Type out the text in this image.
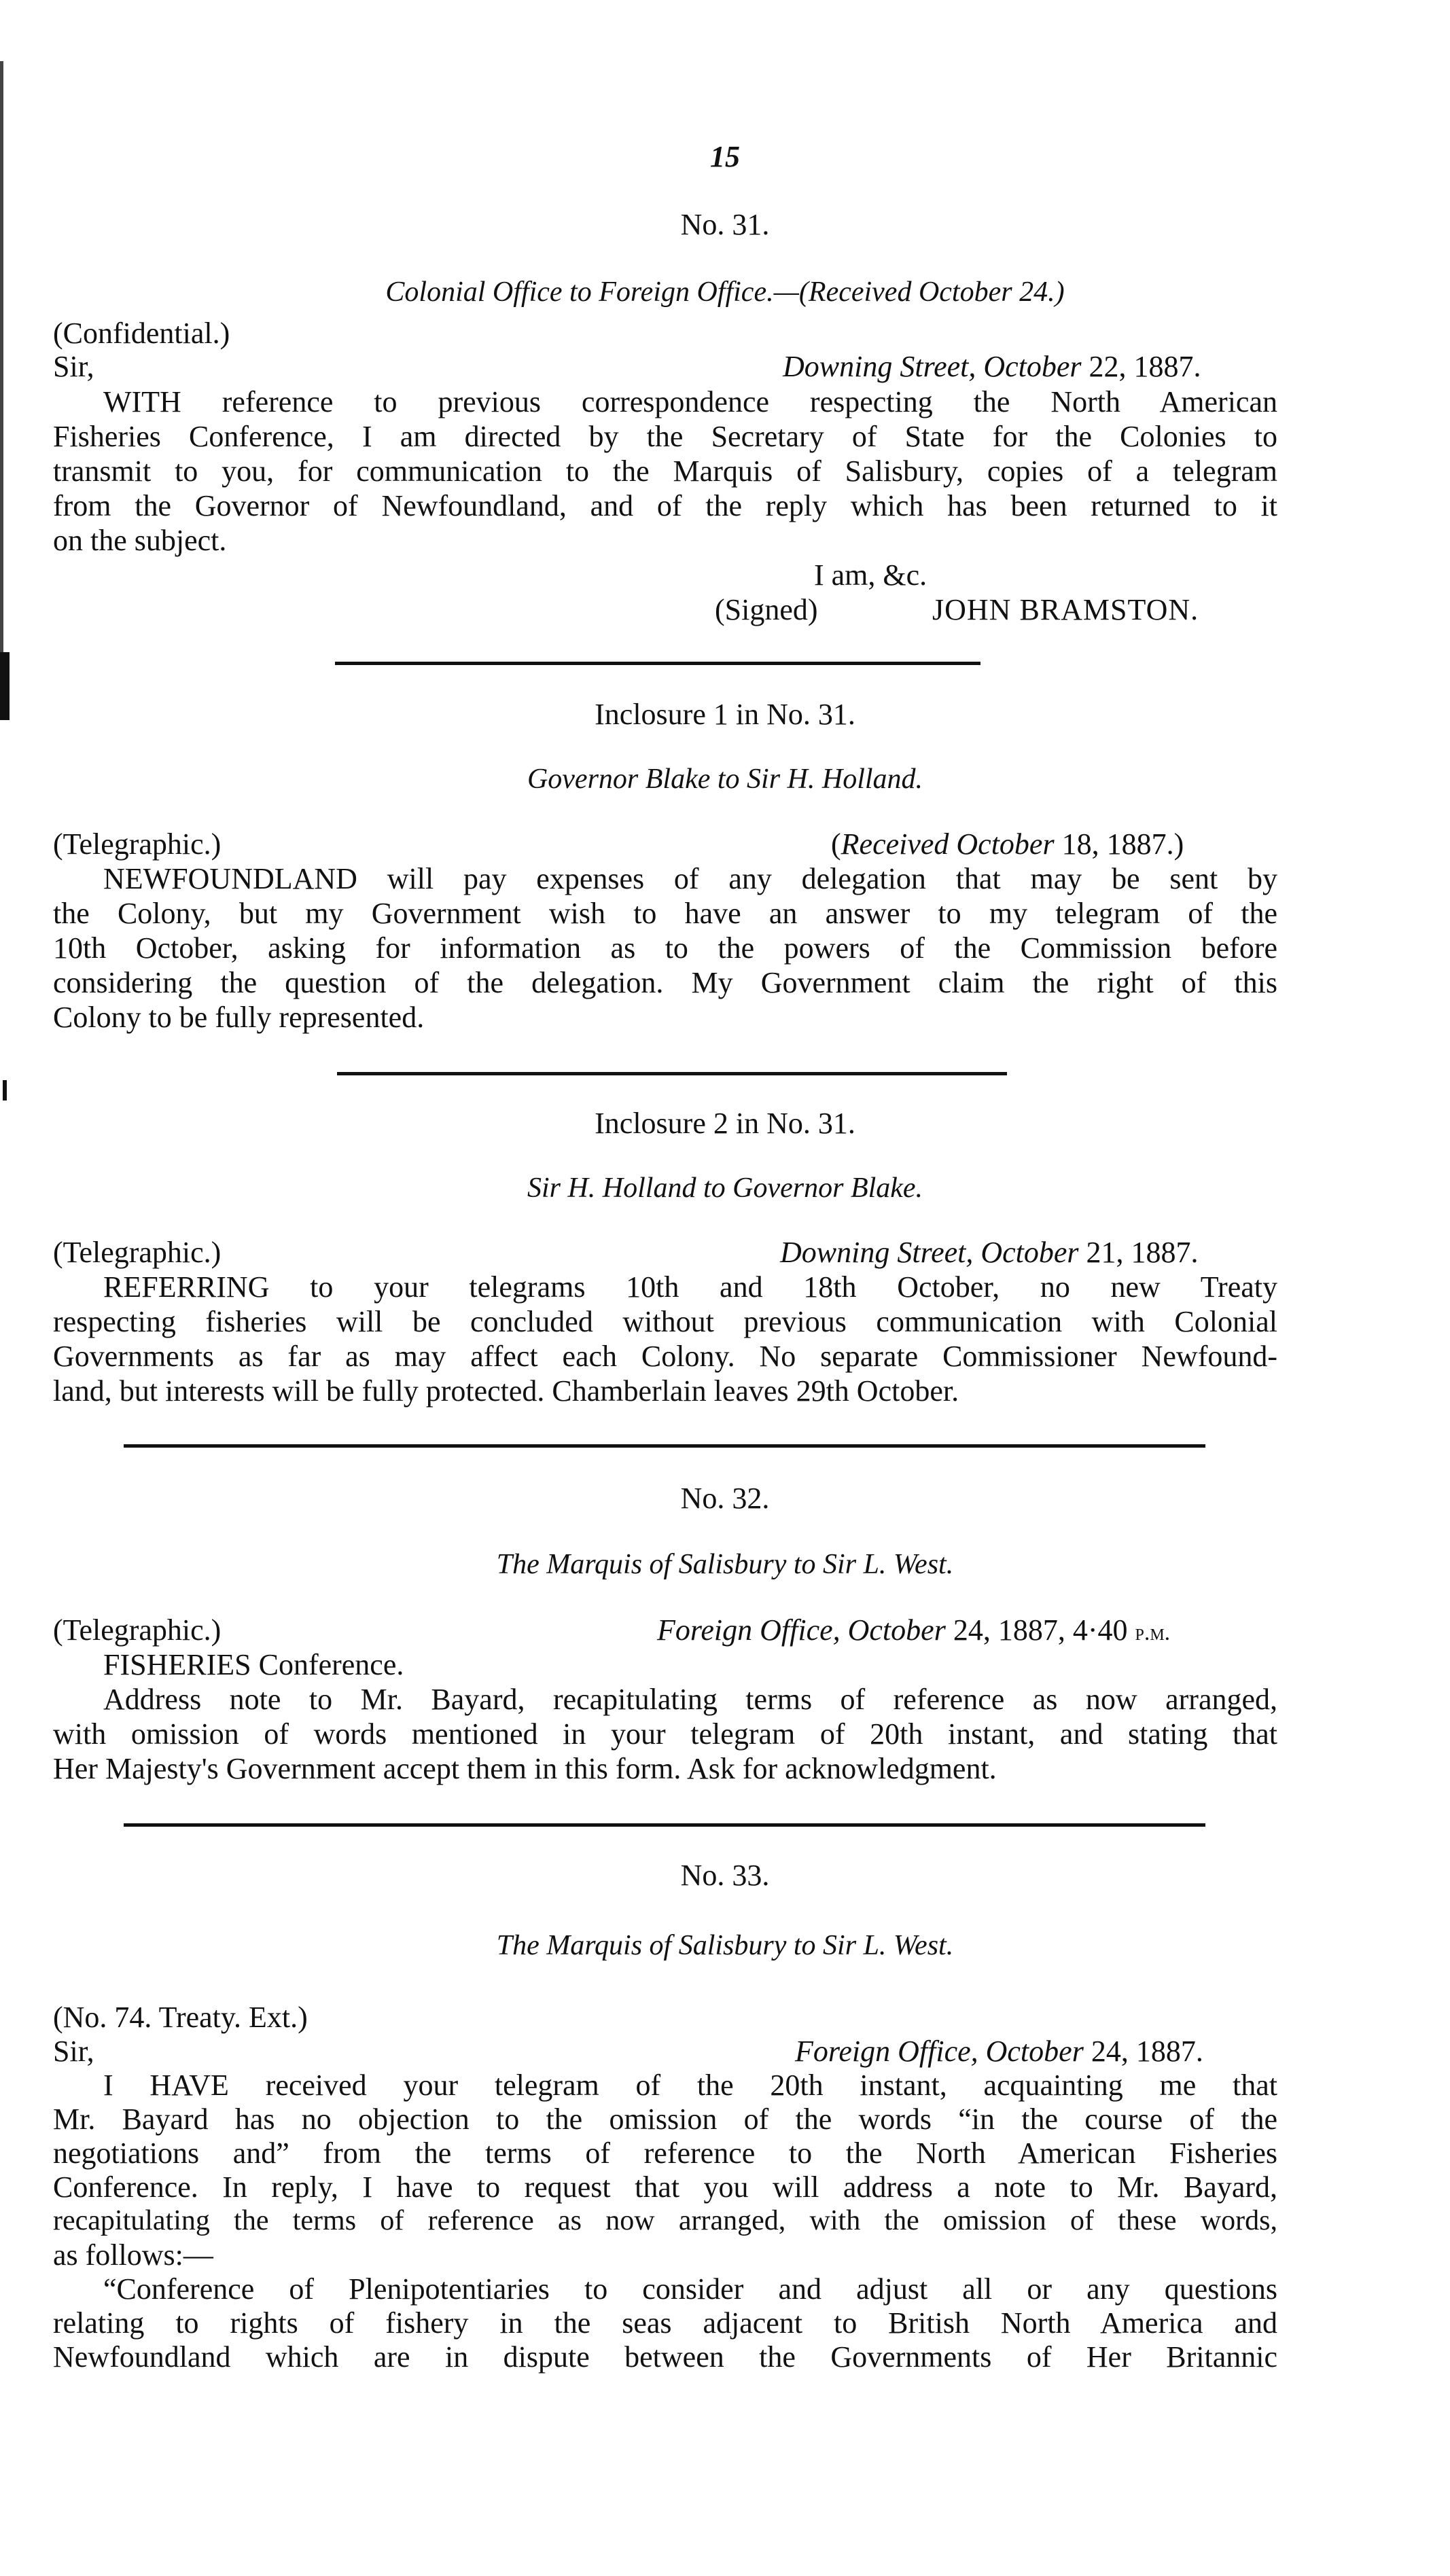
15
No. 31.
Colonial Office to Foreign Office.—(Received October 24.)
(Confidential.)
Sir,	Downing Street, October 22, 1887.
WITH reference to previous correspondence respecting the North American
Fisheries Conference, I am directed by the Secretary of State for the Colonies to
transmit to you, for communication to the Marquis of Salisbury, copies of a telegram
from the Governor of Newfoundland, and of the reply which has been returned to it
on the subject.
I am, &c.
(Signed)	JOHN BRAMSTON.
Inclosure 1 in No. 31.
Governor Blake to Sir H. Holland.
(Telegraphic.)	(Received October 18, 1887.)
NEWFOUNDLAND will pay expenses of any delegation that may be sent by
the Colony, but my Government wish to have an answer to my telegram of the
10th October, asking for information as to the powers of the Commission before
considering the question of the delegation. My Government claim the right of this
Colony to be fully represented.
Inclosure 2 in No. 31.
Sir H. Holland to Governor Blake.
(Telegraphic.)	Downing Street, October 21, 1887.
REFERRING to your telegrams 10th and 18th October, no new Treaty
respecting fisheries will be concluded without previous communication with Colonial
Governments as far as may affect each Colony. No separate Commissioner Newfound-
land, but interests will be fully protected. Chamberlain leaves 29th October.
No. 32.
The Marquis of Salisbury to Sir L. West.
(Telegraphic.)	Foreign Office, October 24, 1887, 4·40 p.m.
FISHERIES Conference.
Address note to Mr. Bayard, recapitulating terms of reference as now arranged,
with omission of words mentioned in your telegram of 20th instant, and stating that
Her Majesty's Government accept them in this form. Ask for acknowledgment.
No. 33.
The Marquis of Salisbury to Sir L. West.
(No. 74. Treaty. Ext.)
Sir,	Foreign Office, October 24, 1887.
I HAVE received your telegram of the 20th instant, acquainting me that
Mr. Bayard has no objection to the omission of the words “in the course of the
negotiations and” from the terms of reference to the North American Fisheries
Conference. In reply, I have to request that you will address a note to Mr. Bayard,
recapitulating the terms of reference as now arranged, with the omission of these words,
as follows:—
“Conference of Plenipotentiaries to consider and adjust all or any questions
relating to rights of fishery in the seas adjacent to British North America and
Newfoundland which are in dispute between the Governments of Her Britannic
